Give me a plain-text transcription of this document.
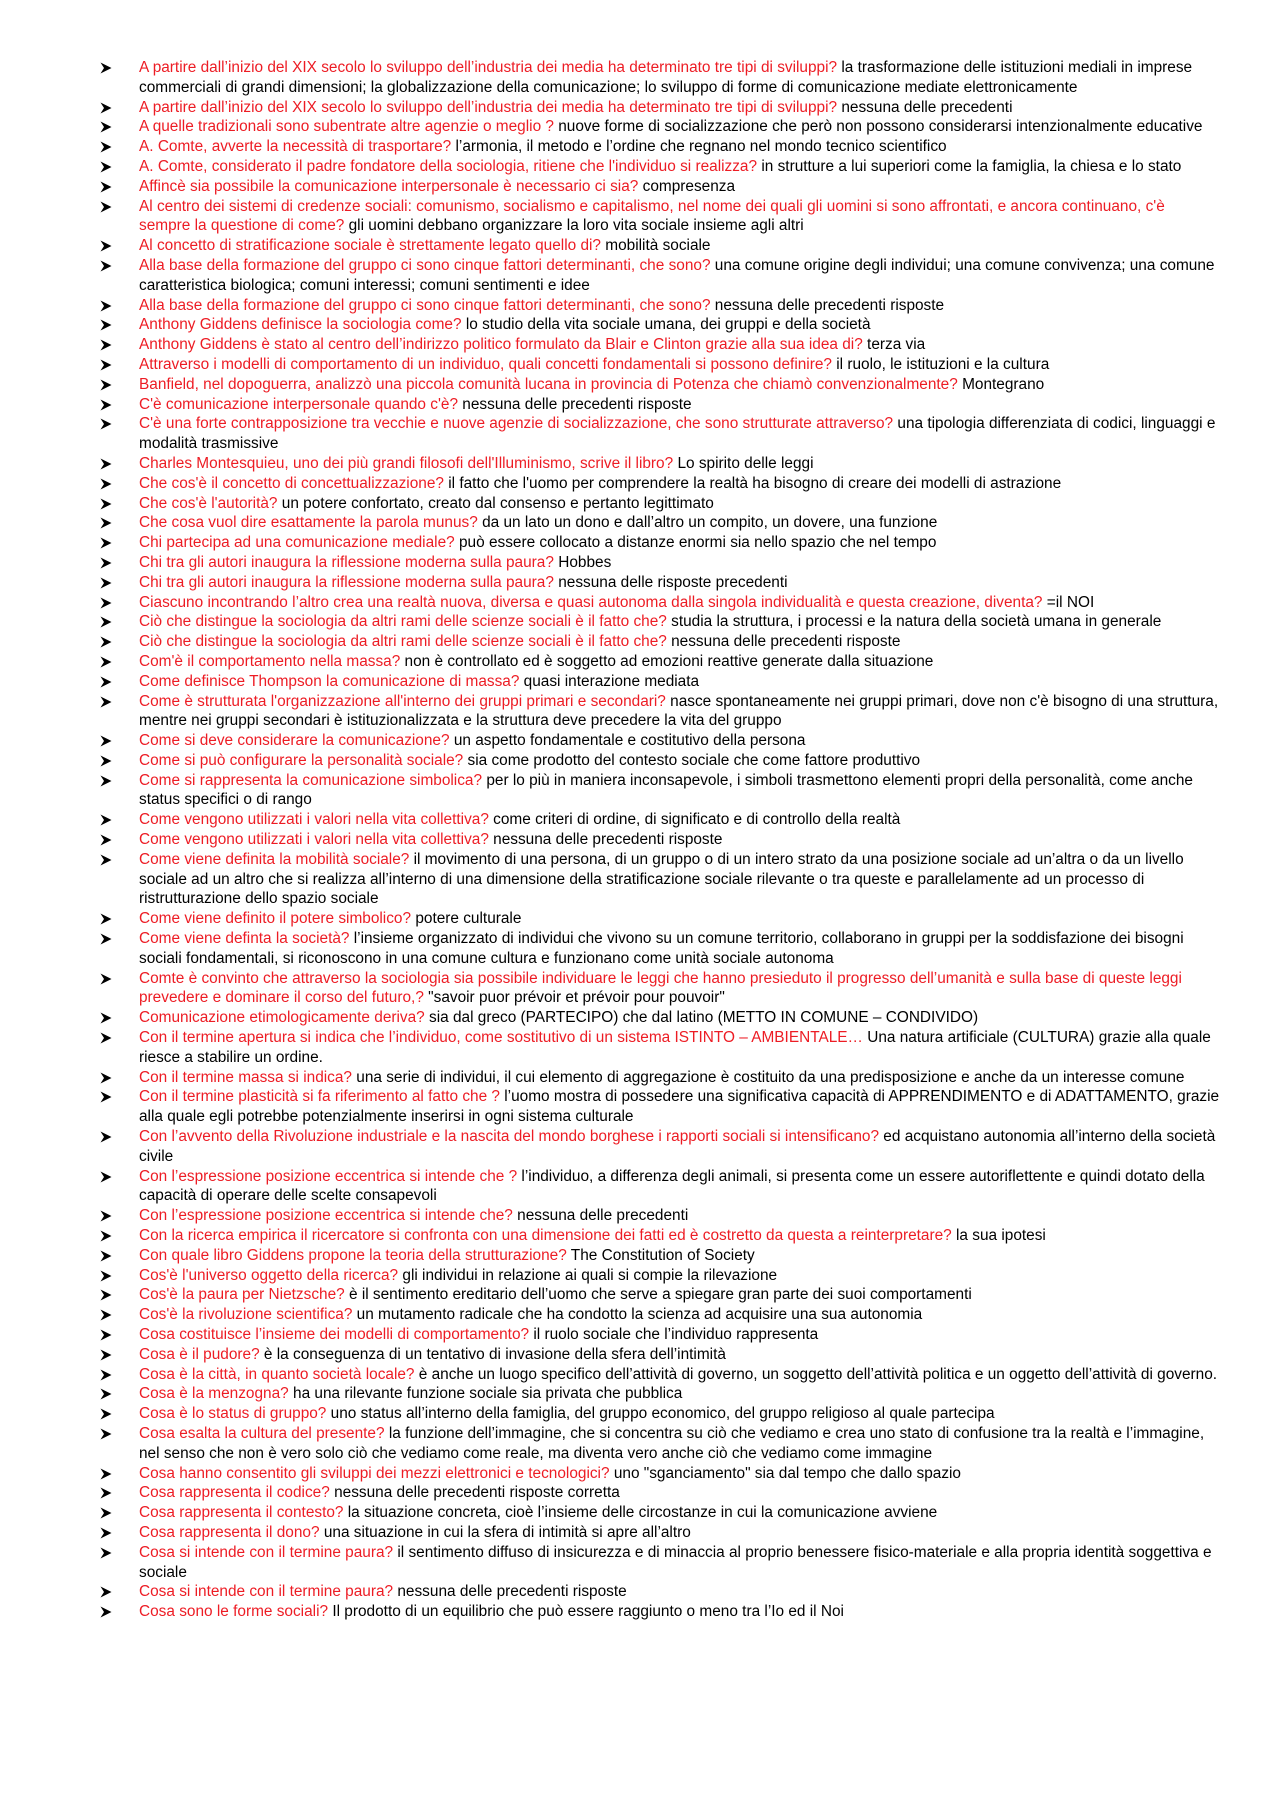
A partire dall’inizio del XIX secolo lo sviluppo dell’industria dei media ha determinato tre tipi di sviluppi? la trasformazione delle istituzioni mediali in imprese commerciali di grandi dimensioni; la globalizzazione della comunicazione; lo sviluppo di forme di comunicazione mediate elettronicamente
A partire dall’inizio del XIX secolo lo sviluppo dell’industria dei media ha determinato tre tipi di sviluppi? nessuna delle precedenti
A quelle tradizionali sono subentrate altre agenzie o meglio ? nuove forme di socializzazione che però non possono considerarsi intenzionalmente educative
A. Comte, avverte la necessità di trasportare? l’armonia, il metodo e l’ordine che regnano nel mondo tecnico scientifico
A. Comte, considerato il padre fondatore della sociologia, ritiene che l'individuo si realizza? in strutture a lui superiori come la famiglia, la chiesa e lo stato
Affincè sia possibile la comunicazione interpersonale è necessario ci sia? compresenza
Al centro dei sistemi di credenze sociali: comunismo, socialismo e capitalismo, nel nome dei quali gli uomini si sono affrontati, e ancora continuano, c'è sempre la questione di come? gli uomini debbano organizzare la loro vita sociale insieme agli altri
Al concetto di stratificazione sociale è strettamente legato quello di? mobilità sociale
Alla base della formazione del gruppo ci sono cinque fattori determinanti, che sono? una comune origine degli individui; una comune convivenza; una comune caratteristica biologica; comuni interessi; comuni sentimenti e idee
Alla base della formazione del gruppo ci sono cinque fattori determinanti, che sono? nessuna delle precedenti risposte
Anthony Giddens definisce la sociologia come? lo studio della vita sociale umana, dei gruppi e della società
Anthony Giddens è stato al centro dell’indirizzo politico formulato da Blair e Clinton grazie alla sua idea di? terza via
Attraverso i modelli di comportamento di un individuo, quali concetti fondamentali si possono definire? il ruolo, le istituzioni e la cultura
Banfield, nel dopoguerra, analizzò una piccola comunità lucana in provincia di Potenza che chiamò convenzionalmente? Montegrano
C'è comunicazione interpersonale quando c'è? nessuna delle precedenti risposte
C'è una forte contrapposizione tra vecchie e nuove agenzie di socializzazione, che sono strutturate attraverso? una tipologia differenziata di codici, linguaggi e modalità trasmissive
Charles Montesquieu, uno dei più grandi filosofi dell'Illuminismo, scrive il libro? Lo spirito delle leggi
Che cos'è il concetto di concettualizzazione? il fatto che l'uomo per comprendere la realtà ha bisogno di creare dei modelli di astrazione
Che cos'è l'autorità? un potere confortato, creato dal consenso e pertanto legittimato
Che cosa vuol dire esattamente la parola munus? da un lato un dono e dall’altro un compito, un dovere, una funzione
Chi partecipa ad una comunicazione mediale? può essere collocato a distanze enormi sia nello spazio che nel tempo
Chi tra gli autori inaugura la riflessione moderna sulla paura? Hobbes
Chi tra gli autori inaugura la riflessione moderna sulla paura? nessuna delle risposte precedenti
Ciascuno incontrando l’altro crea una realtà nuova, diversa e quasi autonoma dalla singola individualità e questa creazione, diventa? =il NOI
Ciò che distingue la sociologia da altri rami delle scienze sociali è il fatto che? studia la struttura, i processi e la natura della società umana in generale
Ciò che distingue la sociologia da altri rami delle scienze sociali è il fatto che? nessuna delle precedenti risposte
Com'è il comportamento nella massa? non è controllato ed è soggetto ad emozioni reattive generate dalla situazione
Come definisce Thompson la comunicazione di massa? quasi interazione mediata
Come è strutturata l'organizzazione all'interno dei gruppi primari e secondari? nasce spontaneamente nei gruppi primari, dove non c'è bisogno di una struttura, mentre nei gruppi secondari è istituzionalizzata e la struttura deve precedere la vita del gruppo
Come si deve considerare la comunicazione? un aspetto fondamentale e costitutivo della persona
Come si può configurare la personalità sociale? sia come prodotto del contesto sociale che come fattore produttivo
Come si rappresenta la comunicazione simbolica? per lo più in maniera inconsapevole, i simboli trasmettono elementi propri della personalità, come anche status specifici o di rango
Come vengono utilizzati i valori nella vita collettiva? come criteri di ordine, di significato e di controllo della realtà
Come vengono utilizzati i valori nella vita collettiva? nessuna delle precedenti risposte
Come viene definita la mobilità sociale? il movimento di una persona, di un gruppo o di un intero strato da una posizione sociale ad un’altra o da un livello sociale ad un altro che si realizza all’interno di una dimensione della stratificazione sociale rilevante o tra queste e parallelamente ad un processo di ristrutturazione dello spazio sociale
Come viene definito il potere simbolico? potere culturale
Come viene definta la società? l’insieme organizzato di individui che vivono su un comune territorio, collaborano in gruppi per la soddisfazione dei bisogni sociali fondamentali, si riconoscono in una comune cultura e funzionano come unità sociale autonoma
Comte è convinto che attraverso la sociologia sia possibile individuare le leggi che hanno presieduto il progresso dell’umanità e sulla base di queste leggi prevedere e dominare il corso del futuro,? "savoir puor prévoir et prévoir pour pouvoir"
Comunicazione etimologicamente deriva? sia dal greco (PARTECIPO) che dal latino (METTO IN COMUNE – CONDIVIDO)
Con il termine apertura si indica che l’individuo, come sostitutivo di un sistema ISTINTO – AMBIENTALE… Una natura artificiale (CULTURA) grazie alla quale riesce a stabilire un ordine.
Con il termine massa si indica? una serie di individui, il cui elemento di aggregazione è costituito da una predisposizione e anche da un interesse comune
Con il termine plasticità si fa riferimento al fatto che ? l’uomo mostra di possedere una significativa capacità di APPRENDIMENTO e di ADATTAMENTO, grazie alla quale egli potrebbe potenzialmente inserirsi in ogni sistema culturale
Con l’avvento della Rivoluzione industriale e la nascita del mondo borghese i rapporti sociali si intensificano? ed acquistano autonomia all’interno della società civile
Con l’espressione posizione eccentrica si intende che ? l’individuo, a differenza degli animali, si presenta come un essere autoriflettente e quindi dotato della capacità di operare delle scelte consapevoli
Con l’espressione posizione eccentrica si intende che? nessuna delle precedenti
Con la ricerca empirica il ricercatore si confronta con una dimensione dei fatti ed è costretto da questa a reinterpretare? la sua ipotesi
Con quale libro Giddens propone la teoria della strutturazione? The Constitution of Society
Cos'è l'universo oggetto della ricerca? gli individui in relazione ai quali si compie la rilevazione
Cos'è la paura per Nietzsche? è il sentimento ereditario dell’uomo che serve a spiegare gran parte dei suoi comportamenti
Cos'è la rivoluzione scientifica? un mutamento radicale che ha condotto la scienza ad acquisire una sua autonomia
Cosa costituisce l’insieme dei modelli di comportamento? il ruolo sociale che l’individuo rappresenta
Cosa è il pudore? è la conseguenza di un tentativo di invasione della sfera dell’intimità
Cosa è la città, in quanto società locale? è anche un luogo specifico dell’attività di governo, un soggetto dell’attività politica e un oggetto dell’attività di governo.
Cosa è la menzogna? ha una rilevante funzione sociale sia privata che pubblica
Cosa è lo status di gruppo? uno status all’interno della famiglia, del gruppo economico, del gruppo religioso al quale partecipa
Cosa esalta la cultura del presente? la funzione dell’immagine, che si concentra su ciò che vediamo e crea uno stato di confusione tra la realtà e l’immagine, nel senso che non è vero solo ciò che vediamo come reale, ma diventa vero anche ciò che vediamo come immagine
Cosa hanno consentito gli sviluppi dei mezzi elettronici e tecnologici? uno "sganciamento" sia dal tempo che dallo spazio
Cosa rappresenta il codice? nessuna delle precedenti risposte corretta
Cosa rappresenta il contesto? la situazione concreta, cioè l’insieme delle circostanze in cui la comunicazione avviene
Cosa rappresenta il dono? una situazione in cui la sfera di intimità si apre all’altro
Cosa si intende con il termine paura? il sentimento diffuso di insicurezza e di minaccia al proprio benessere fisico-materiale e alla propria identità soggettiva e sociale
Cosa si intende con il termine paura? nessuna delle precedenti risposte
Cosa sono le forme sociali? Il prodotto di un equilibrio che può essere raggiunto o meno tra l’Io ed il Noi
